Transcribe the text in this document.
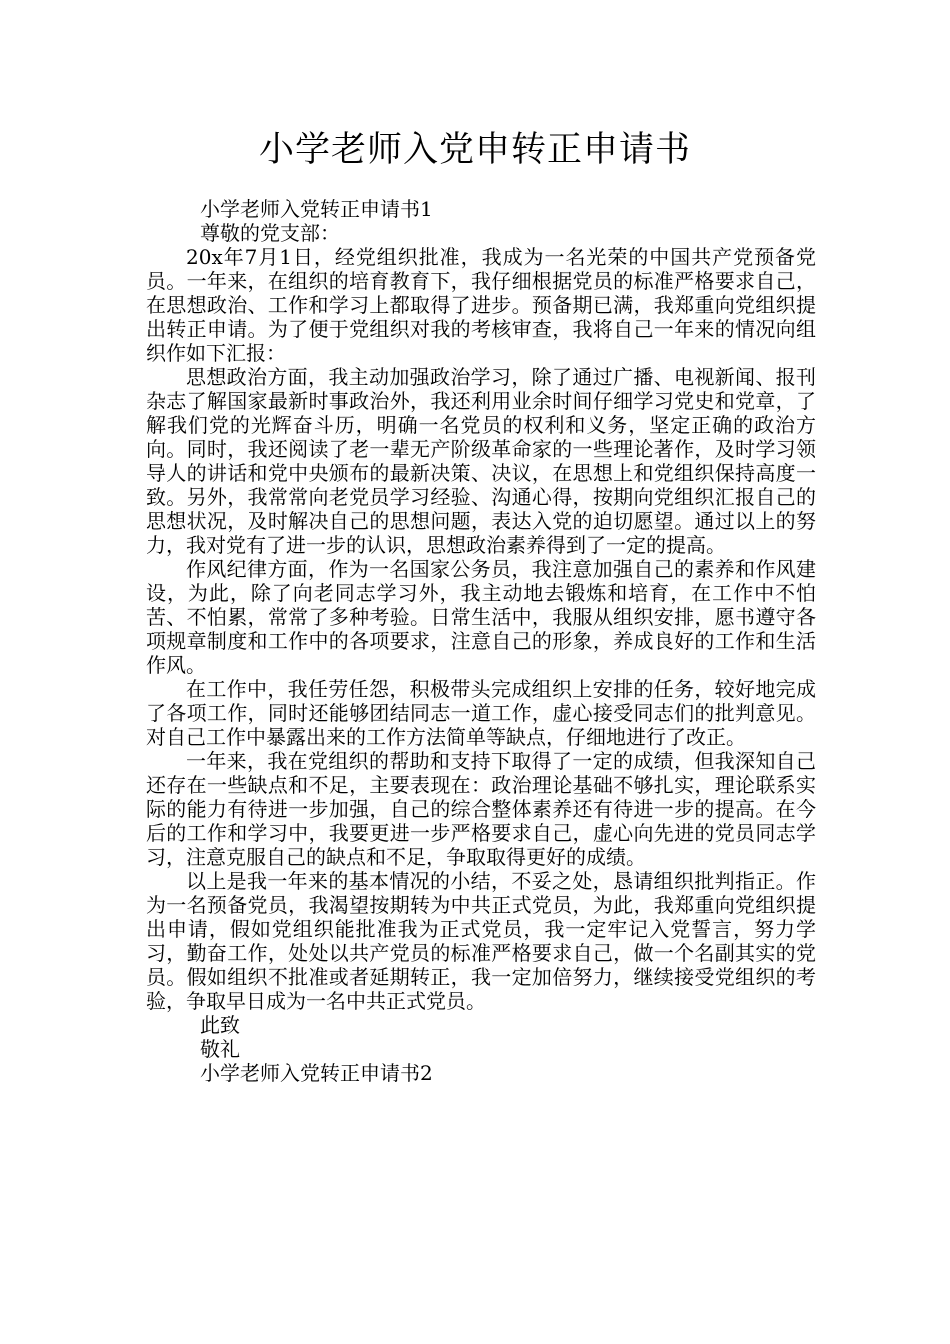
小学老师入党申转正申请书

小学老师入党转正申请书1

尊敬的党支部：

20x年7月1日，经党组织批准，我成为一名光荣的中国共产党预备党员。一年来，在组织的培育教育下，我仔细根据党员的标准严格要求自己，在思想政治、工作和学习上都取得了进步。预备期已满，我郑重向党组织提出转正申请。为了便于党组织对我的考核审查，我将自己一年来的情况向组织作如下汇报：

思想政治方面，我主动加强政治学习，除了通过广播、电视新闻、报刊杂志了解国家最新时事政治外，我还利用业余时间仔细学习党史和党章，了解我们党的光辉奋斗历，明确一名党员的权利和义务，坚定正确的政治方向。同时，我还阅读了老一辈无产阶级革命家的一些理论著作，及时学习领导人的讲话和党中央颁布的最新决策、决议，在思想上和党组织保持高度一致。另外，我常常向老党员学习经验、沟通心得，按期向党组织汇报自己的思想状况，及时解决自己的思想问题，表达入党的迫切愿望。通过以上的努力，我对党有了进一步的认识，思想政治素养得到了一定的提高。

作风纪律方面，作为一名国家公务员，我注意加强自己的素养和作风建设，为此，除了向老同志学习外，我主动地去锻炼和培育，在工作中不怕苦、不怕累，常常了多种考验。日常生活中，我服从组织安排，愿书遵守各项规章制度和工作中的各项要求，注意自己的形象，养成良好的工作和生活作风。

在工作中，我任劳任怨，积极带头完成组织上安排的任务，较好地完成了各项工作，同时还能够团结同志一道工作，虚心接受同志们的批判意见。对自己工作中暴露出来的工作方法简单等缺点，仔细地进行了改正。

一年来，我在党组织的帮助和支持下取得了一定的成绩，但我深知自己还存在一些缺点和不足，主要表现在：政治理论基础不够扎实，理论联系实际的能力有待进一步加强，自己的综合整体素养还有待进一步的提高。在今后的工作和学习中，我要更进一步严格要求自己，虚心向先进的党员同志学习，注意克服自己的缺点和不足，争取取得更好的成绩。

以上是我一年来的基本情况的小结，不妥之处，恳请组织批判指正。作为一名预备党员，我渴望按期转为中共正式党员，为此，我郑重向党组织提出申请，假如党组织能批准我为正式党员，我一定牢记入党誓言，努力学习，勤奋工作，处处以共产党员的标准严格要求自己，做一个名副其实的党员。假如组织不批准或者延期转正，我一定加倍努力，继续接受党组织的考验，争取早日成为一名中共正式党员。

此致

敬礼

小学老师入党转正申请书2
